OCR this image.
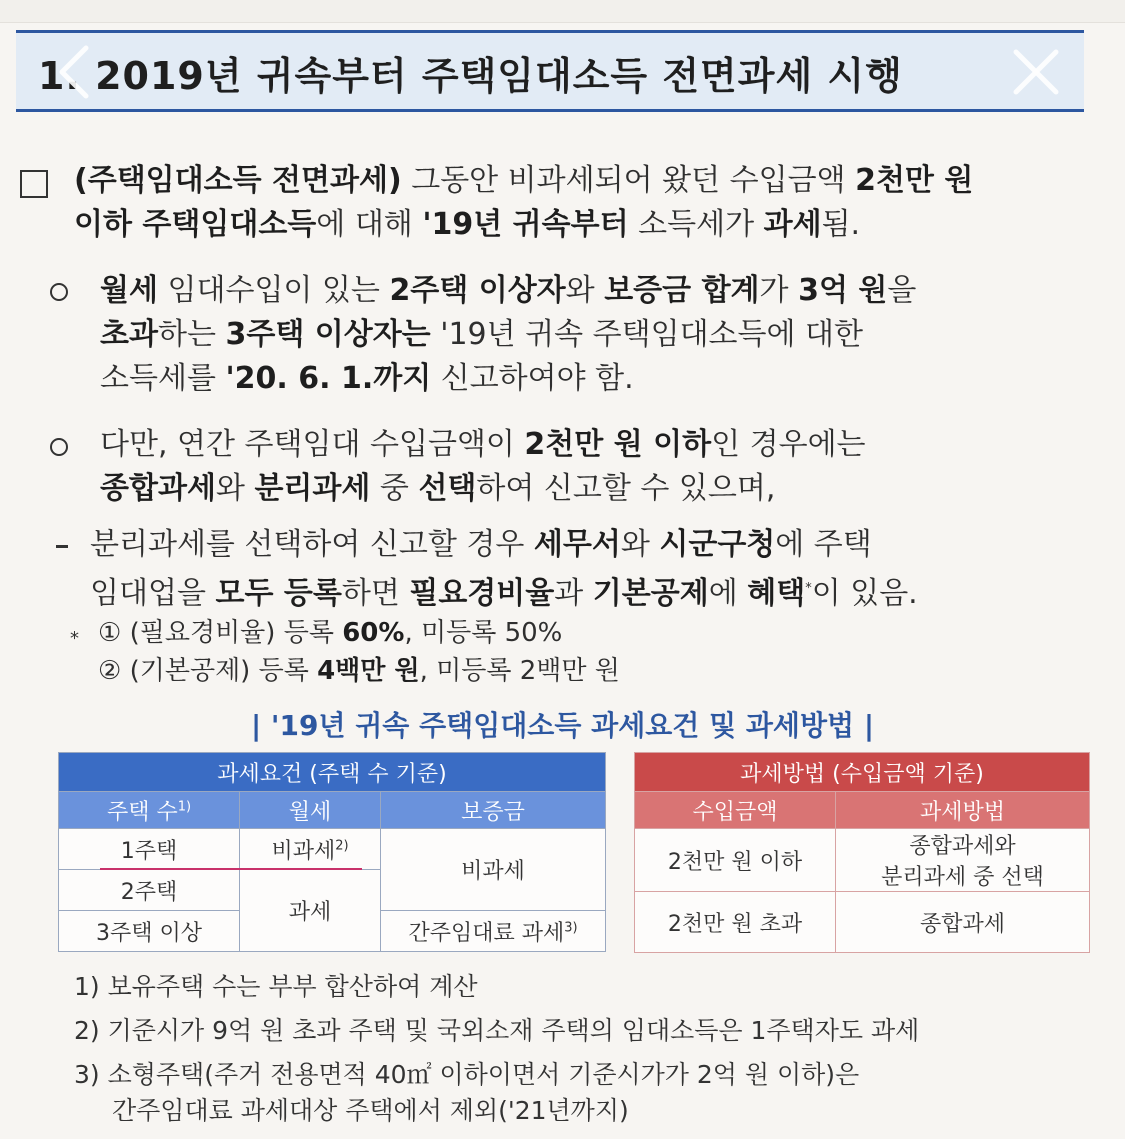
1. 2019년 귀속부터 주택임대소득 전면과세 시행
(주택임대소득 전면과세) 그동안 비과세되어 왔던 수입금액 2천만 원
이하 주택임대소득에 대해 '19년 귀속부터 소득세가 과세됨.
월세 임대수입이 있는 2주택 이상자와 보증금 합계가 3억 원을
초과하는 3주택 이상자는 '19년 귀속 주택임대소득에 대한
소득세를 '20. 6. 1.까지 신고하여야 함.
다만, 연간 주택임대 수입금액이 2천만 원 이하인 경우에는
종합과세와 분리과세 중 선택하여 신고할 수 있으며,
분리과세를 선택하여 신고할 경우 세무서와 시군구청에 주택
임대업을 모두 등록하면 필요경비율과 기본공제에 혜택*이 있음.
* ① (필요경비율) 등록 60%, 미등록 50%
② (기본공제) 등록 4백만 원, 미등록 2백만 원
| '19년 귀속 주택임대소득 과세요건 및 과세방법 |
과세요건 (주택 수 기준)		
주택 수$^{1)}$	월세	보증금
1주택	비과세$^{2)}$	비과세
2주택	과세	
3주택 이상		간주임대료 과세$^{3)}$
과세방법 (수입금액 기준)	
수입금액	과세방법
2천만 원 이하	종합과세와
분리과세 중 선택

2천만 원 초과	종합과세
1) 보유주택 수는 부부 합산하여 계산
2) 기준시가 9억 원 초과 주택 및 국외소재 주택의 임대소득은 1주택자도 과세
3) 소형주택(주거 전용면적 40㎡ 이하이면서 기준시가가 2억 원 이하)은
간주임대료 과세대상 주택에서 제외('21년까지)
